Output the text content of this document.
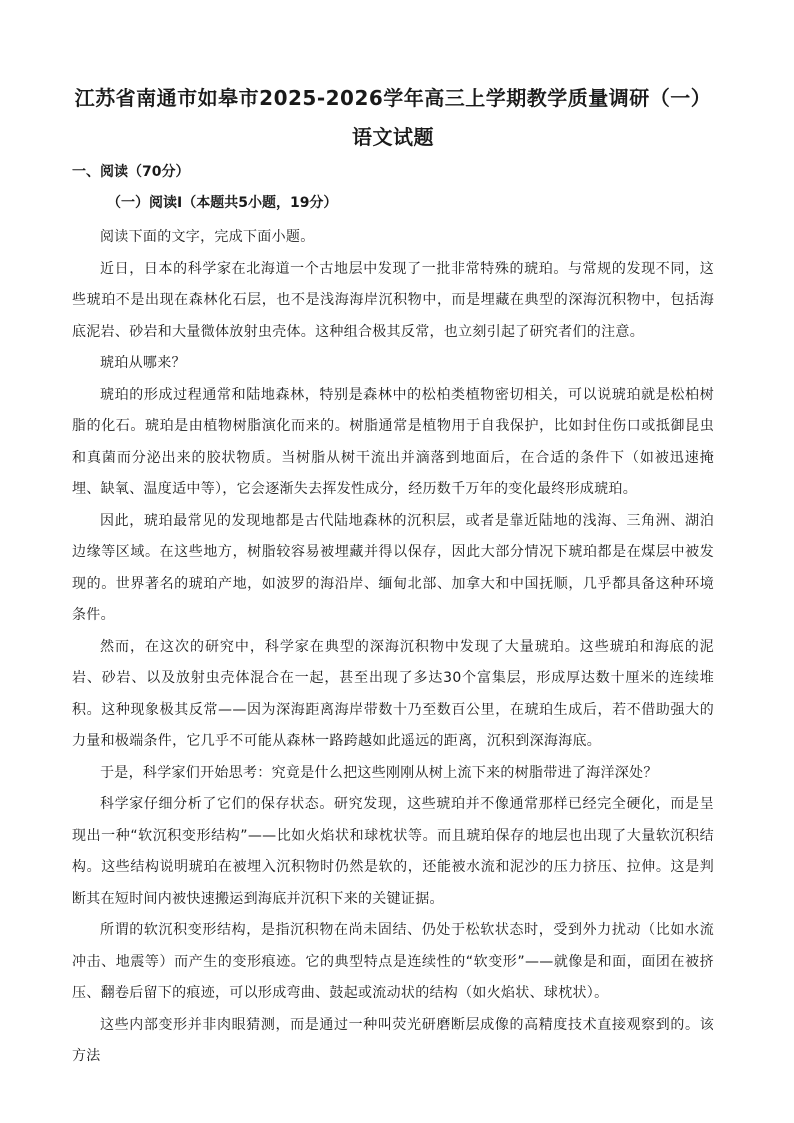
江苏省南通市如皋市2025-2026学年高三上学期教学质量调研（一）
语文试题
一、阅读（70分）
（一）阅读Ⅰ（本题共5小题，19分）

阅读下面的文字，完成下面小题。

近日，日本的科学家在北海道一个古地层中发现了一批非常特殊的琥珀。与常规的发现不同，这些琥珀不是出现在森林化石层，也不是浅海海岸沉积物中，而是埋藏在典型的深海沉积物中，包括海底泥岩、砂岩和大量微体放射虫壳体。这种组合极其反常，也立刻引起了研究者们的注意。

琥珀从哪来？

琥珀的形成过程通常和陆地森林，特别是森林中的松柏类植物密切相关，可以说琥珀就是松柏树脂的化石。琥珀是由植物树脂演化而来的。树脂通常是植物用于自我保护，比如封住伤口或抵御昆虫和真菌而分泌出来的胶状物质。当树脂从树干流出并滴落到地面后，在合适的条件下（如被迅速掩埋、缺氧、温度适中等），它会逐渐失去挥发性成分，经历数千万年的变化最终形成琥珀。

因此，琥珀最常见的发现地都是古代陆地森林的沉积层，或者是靠近陆地的浅海、三角洲、湖泊边缘等区域。在这些地方，树脂较容易被埋藏并得以保存，因此大部分情况下琥珀都是在煤层中被发现的。世界著名的琥珀产地，如波罗的海沿岸、缅甸北部、加拿大和中国抚顺，几乎都具备这种环境条件。

然而，在这次的研究中，科学家在典型的深海沉积物中发现了大量琥珀。这些琥珀和海底的泥岩、砂岩、以及放射虫壳体混合在一起，甚至出现了多达30个富集层，形成厚达数十厘米的连续堆积。这种现象极其反常——因为深海距离海岸带数十乃至数百公里，在琥珀生成后，若不借助强大的力量和极端条件，它几乎不可能从森林一路跨越如此遥远的距离，沉积到深海海底。

于是，科学家们开始思考：究竟是什么把这些刚刚从树上流下来的树脂带进了海洋深处？

科学家仔细分析了它们的保存状态。研究发现，这些琥珀并不像通常那样已经完全硬化，而是呈现出一种“软沉积变形结构”——比如火焰状和球枕状等。而且琥珀保存的地层也出现了大量软沉积结构。这些结构说明琥珀在被埋入沉积物时仍然是软的，还能被水流和泥沙的压力挤压、拉伸。这是判断其在短时间内被快速搬运到海底并沉积下来的关键证据。

所谓的软沉积变形结构，是指沉积物在尚未固结、仍处于松软状态时，受到外力扰动（比如水流冲击、地震等）而产生的变形痕迹。它的典型特点是连续性的“软变形”——就像是和面，面团在被挤压、翻卷后留下的痕迹，可以形成弯曲、鼓起或流动状的结构（如火焰状、球枕状）。

这些内部变形并非肉眼猜测，而是通过一种叫荧光研磨断层成像的高精度技术直接观察到的。该方法
